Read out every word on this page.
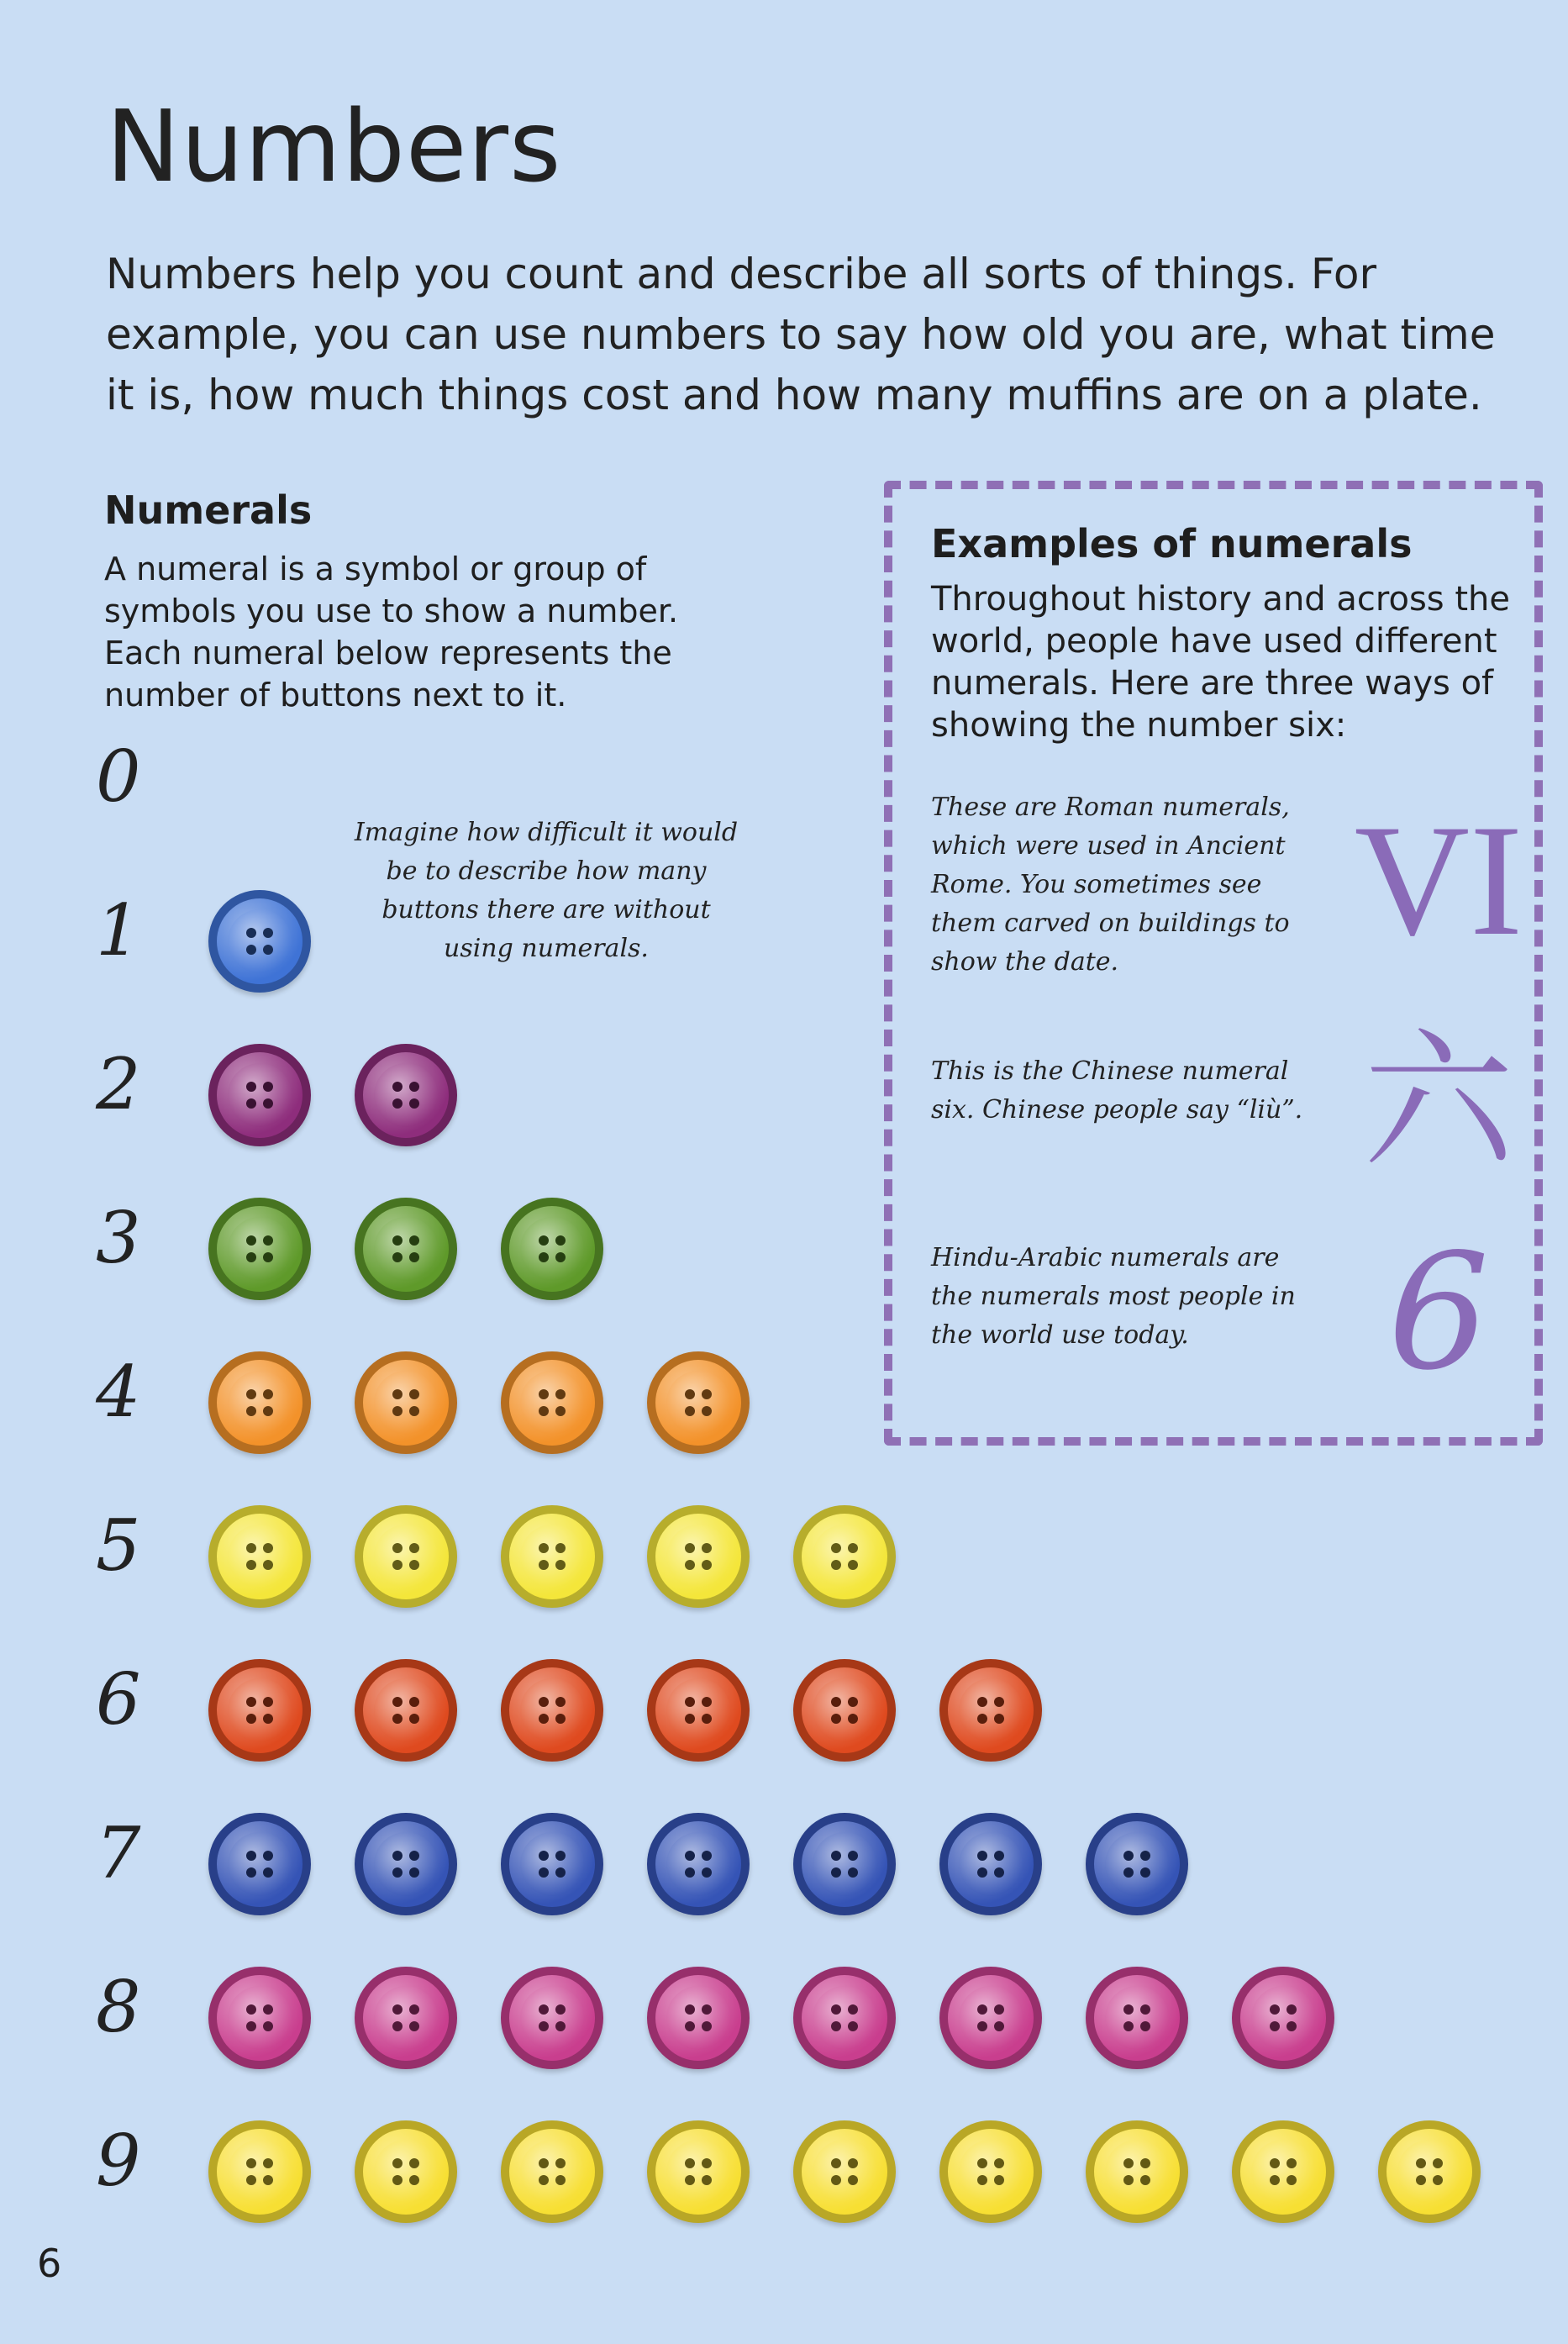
Numbers
Numbers help you count and describe all sorts of things. For example, you can use numbers to say how old you are, what time it is, how much things cost and how many muffins are on a plate.
Numerals
A numeral is a symbol or group of symbols you use to show a number. Each numeral below represents the number of buttons next to it.
Imagine how difficult it would be to describe how many buttons there are without using numerals.
Examples of numerals
Throughout history and across the world, people have used different numerals. Here are three ways of showing the number six:
These are Roman numerals, which were used in Ancient Rome. You sometimes see them carved on buildings to show the date.	VI
This is the Chinese numeral six. Chinese people say “liù”. 六
Hindu-Arabic numerals are the numerals most people in the world use today.	6
0
1
2
3
4
5
6
7
8
9
6
